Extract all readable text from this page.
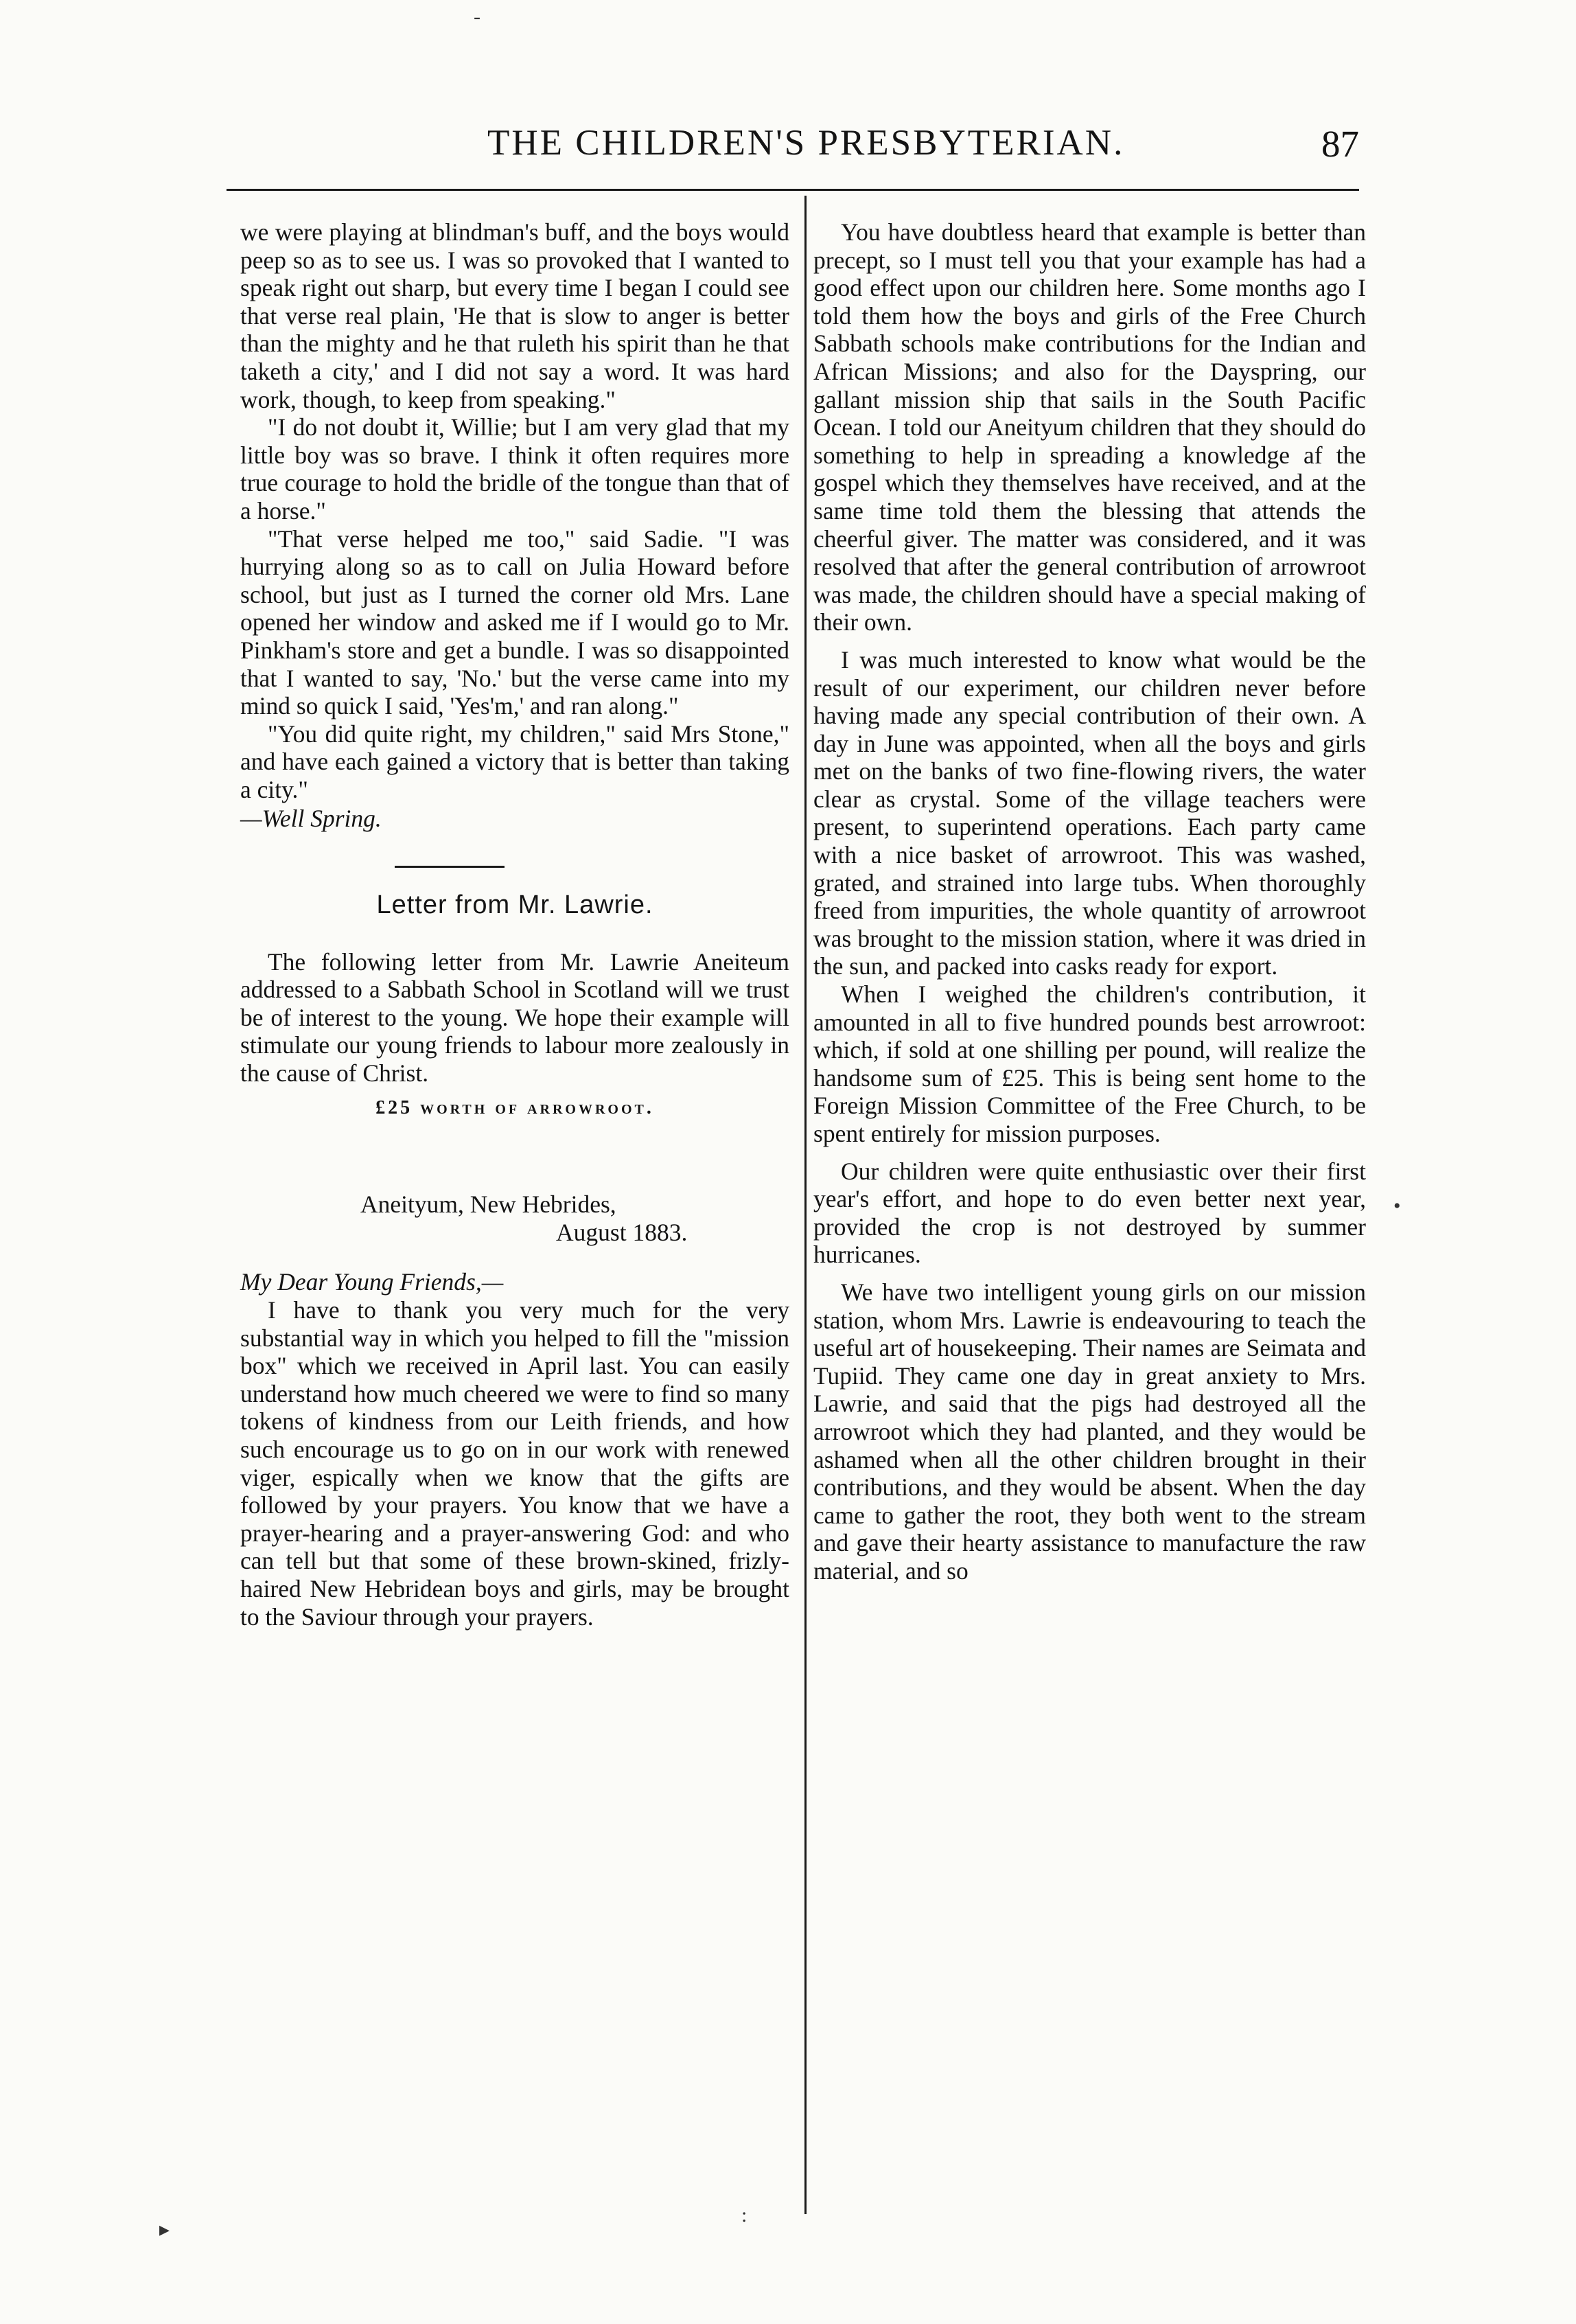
THE CHILDREN'S PRESBYTERIAN.	87

we were playing at blindman's buff, and the boys would peep so as to see us. I was so provoked that I wanted to speak right out sharp, but every time I began I could see that verse real plain, 'He that is slow to anger is better than the mighty and he that ruleth his spirit than he that taketh a city,' and I did not say a word. It was hard work, though, to keep from speaking."

"I do not doubt it, Willie; but I am very glad that my little boy was so brave. I think it often requires more true courage to hold the bridle of the tongue than that of a horse."

"That verse helped me too," said Sadie. "I was hurrying along so as to call on Julia Howard before school, but just as I turned the corner old Mrs. Lane opened her window and asked me if I would go to Mr. Pinkham's store and get a bundle. I was so disappointed that I wanted to say, 'No.' but the verse came into my mind so quick I said, 'Yes'm,' and ran along."

"You did quite right, my children," said Mrs Stone," and have each gained a victory that is better than taking a city."

—Well Spring.

Letter from Mr. Lawrie.

The following letter from Mr. Lawrie Aneiteum addressed to a Sabbath School in Scotland will we trust be of interest to the young. We hope their example will stimulate our young friends to labour more zealously in the cause of Christ.

£25 worth of arrowroot.

Aneityum, New Hebrides,
August 1883.

My Dear Young Friends,—

I have to thank you very much for the very substantial way in which you helped to fill the "mission box" which we received in April last. You can easily understand how much cheered we were to find so many tokens of kindness from our Leith friends, and how such encourage us to go on in our work with renewed viger, espically when we know that the gifts are followed by your prayers. You know that we have a prayer-hearing and a prayer-answering God: and who can tell but that some of these brown-skined, frizly-haired New Hebridean boys and girls, may be brought to the Saviour through your prayers.

You have doubtless heard that example is better than precept, so I must tell you that your example has had a good effect upon our children here. Some months ago I told them how the boys and girls of the Free Church Sabbath schools make contributions for the Indian and African Missions; and also for the Dayspring, our gallant mission ship that sails in the South Pacific Ocean. I told our Aneityum children that they should do something to help in spreading a knowledge af the gospel which they themselves have received, and at the same time told them the blessing that attends the cheerful giver. The matter was considered, and it was resolved that after the general contribution of arrowroot was made, the children should have a special making of their own.

I was much interested to know what would be the result of our experiment, our children never before having made any special contribution of their own. A day in June was appointed, when all the boys and girls met on the banks of two fine-flowing rivers, the water clear as crystal. Some of the village teachers were present, to superintend operations. Each party came with a nice basket of arrowroot. This was washed, grated, and strained into large tubs. When thoroughly freed from impurities, the whole quantity of arrowroot was brought to the mission station, where it was dried in the sun, and packed into casks ready for export.

When I weighed the children's contribution, it amounted in all to five hundred pounds best arrowroot: which, if sold at one shilling per pound, will realize the handsome sum of £25. This is being sent home to the Foreign Mission Committee of the Free Church, to be spent entirely for mission purposes.

Our children were quite enthusiastic over their first year's effort, and hope to do even better next year, provided the crop is not destroyed by summer hurricanes.

We have two intelligent young girls on our mission station, whom Mrs. Lawrie is endeavouring to teach the useful art of housekeeping. Their names are Seimata and Tupiid. They came one day in great anxiety to Mrs. Lawrie, and said that the pigs had destroyed all the arrowroot which they had planted, and they would be ashamed when all the other children brought in their contributions, and they would be absent. When the day came to gather the root, they both went to the stream and gave their hearty assistance to manufacture the raw material, and so

-
•
▸
:
